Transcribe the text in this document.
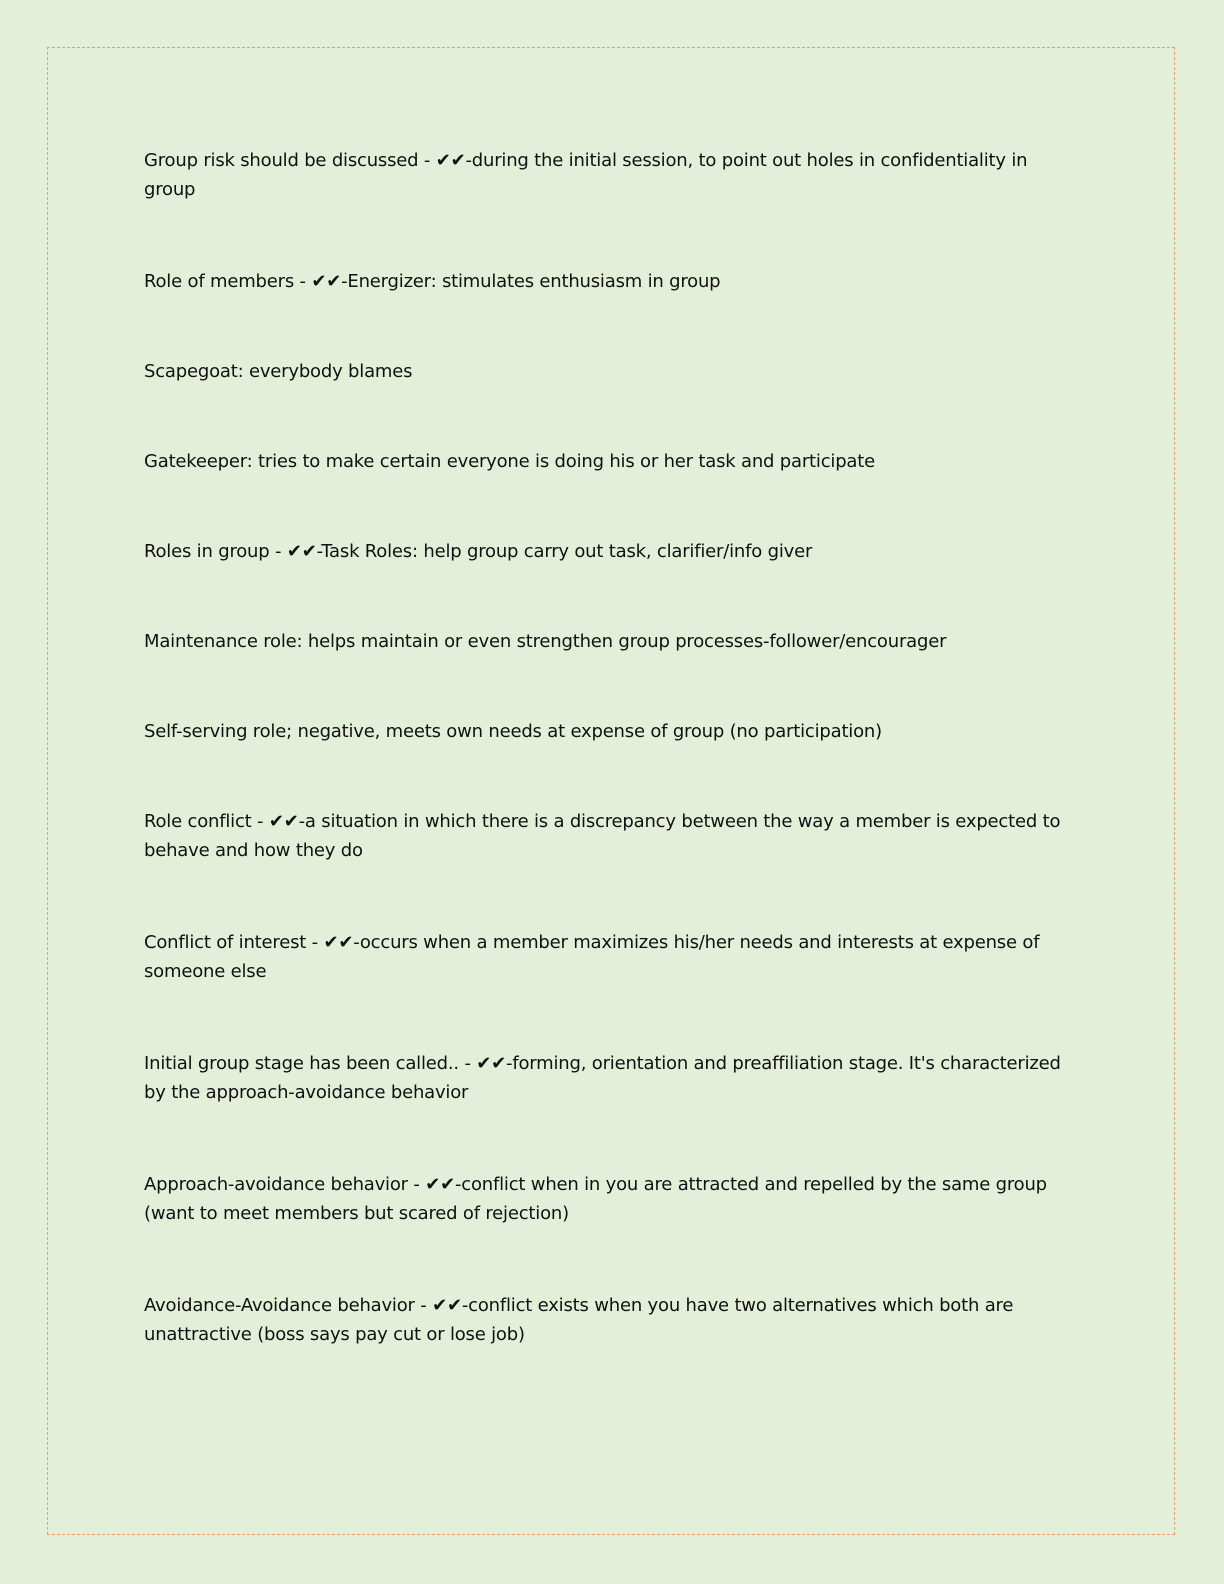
Group risk should be discussed - ✔✔-during the initial session, to point out holes in confidentiality in group

Role of members - ✔✔-Energizer: stimulates enthusiasm in group

Scapegoat: everybody blames

Gatekeeper: tries to make certain everyone is doing his or her task and participate

Roles in group - ✔✔-Task Roles: help group carry out task, clarifier/info giver

Maintenance role: helps maintain or even strengthen group processes-follower/encourager

Self-serving role; negative, meets own needs at expense of group (no participation)

Role conflict - ✔✔-a situation in which there is a discrepancy between the way a member is expected to behave and how they do

Conflict of interest - ✔✔-occurs when a member maximizes his/her needs and interests at expense of someone else

Initial group stage has been called.. - ✔✔-forming, orientation and preaffiliation stage. It's characterized by the approach-avoidance behavior

Approach-avoidance behavior - ✔✔-conflict when in you are attracted and repelled by the same group (want to meet members but scared of rejection)

Avoidance-Avoidance behavior - ✔✔-conflict exists when you have two alternatives which both are unattractive (boss says pay cut or lose job)
